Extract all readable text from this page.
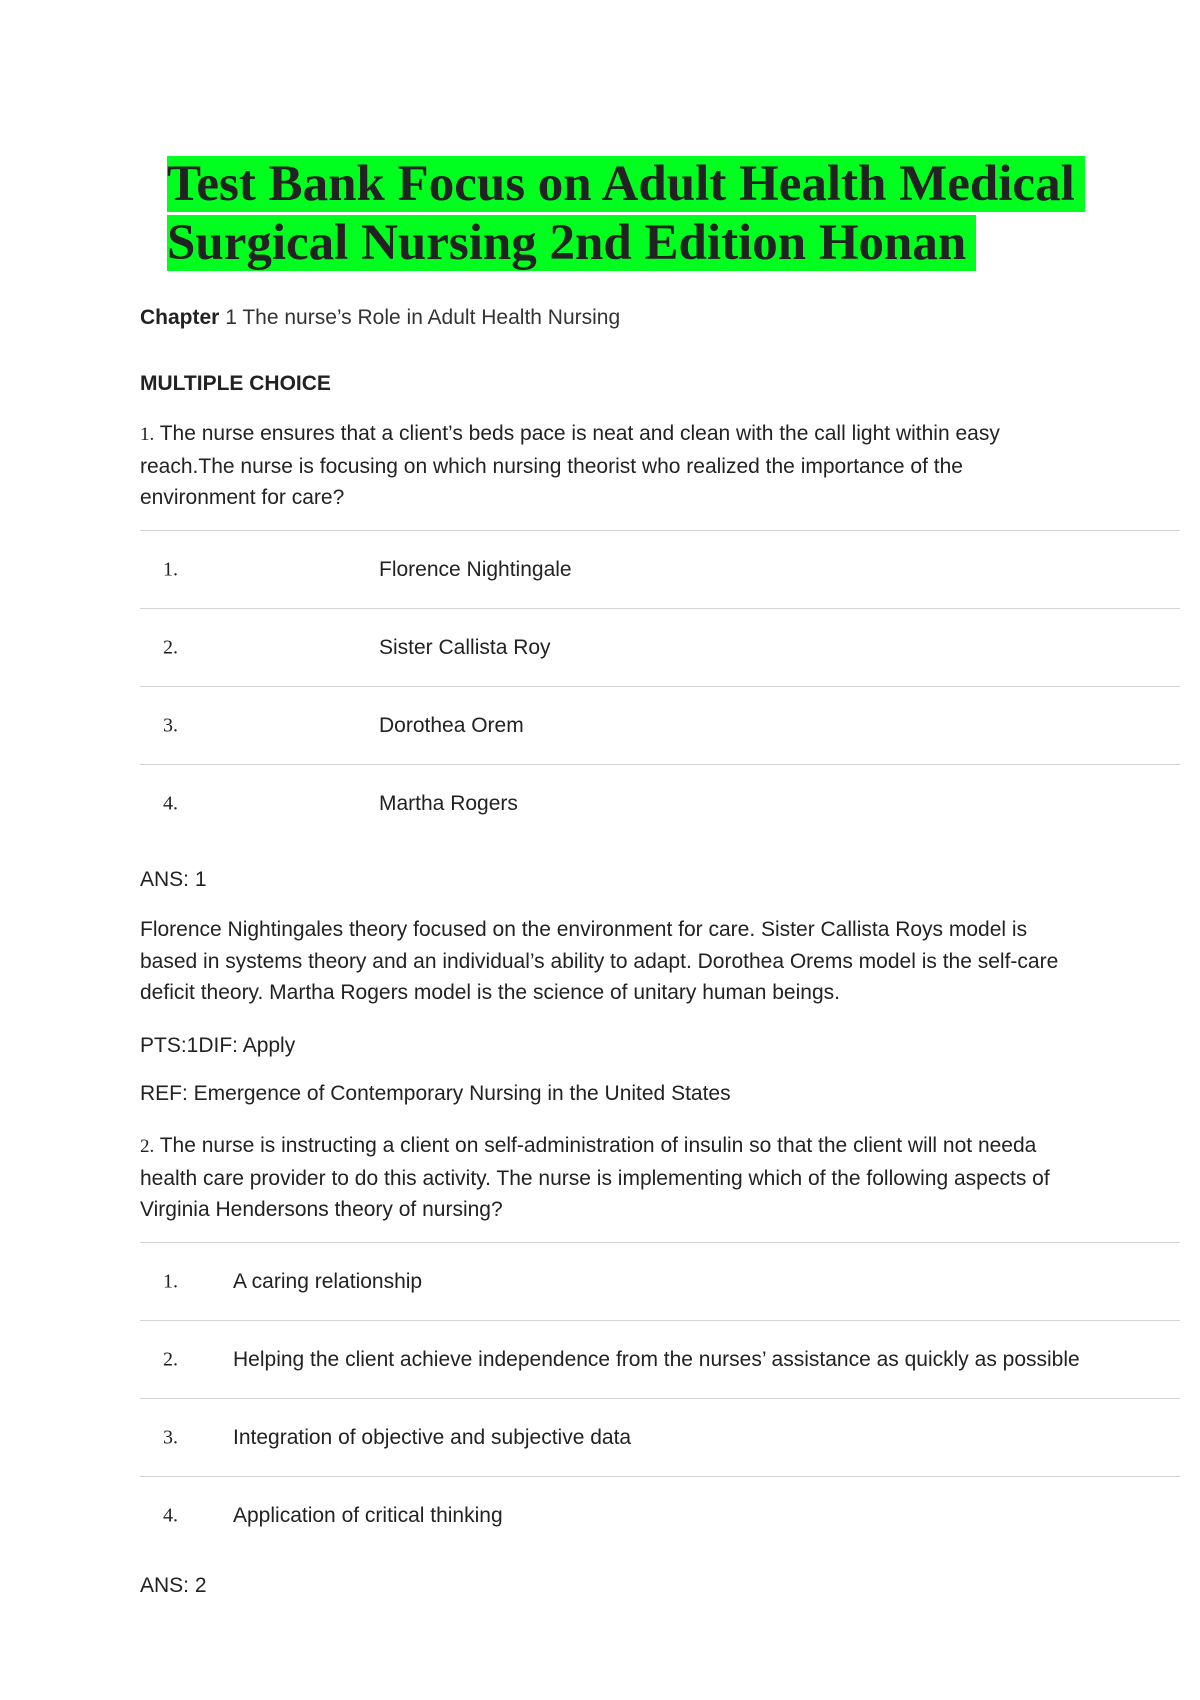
Test Bank Focus on Adult Health Medical Surgical Nursing 2nd Edition Honan

Chapter 1 The nurse’s Role in Adult Health Nursing

MULTIPLE CHOICE

1. The nurse ensures that a client’s beds pace is neat and clean with the call light within easy reach.The nurse is focusing on which nursing theorist who realized the importance of the environment for care?

1.	Florence Nightingale
2.	Sister Callista Roy
3.	Dorothea Orem
4.	Martha Rogers

ANS: 1

Florence Nightingales theory focused on the environment for care. Sister Callista Roys model is based in systems theory and an individual’s ability to adapt. Dorothea Orems model is the self-care deficit theory. Martha Rogers model is the science of unitary human beings.

PTS:1DIF: Apply

REF: Emergence of Contemporary Nursing in the United States

2. The nurse is instructing a client on self-administration of insulin so that the client will not needa health care provider to do this activity. The nurse is implementing which of the following aspects of Virginia Hendersons theory of nursing?

1.	A caring relationship
2.	Helping the client achieve independence from the nurses’ assistance as quickly as possible
3.	Integration of objective and subjective data
4.	Application of critical thinking

ANS: 2
